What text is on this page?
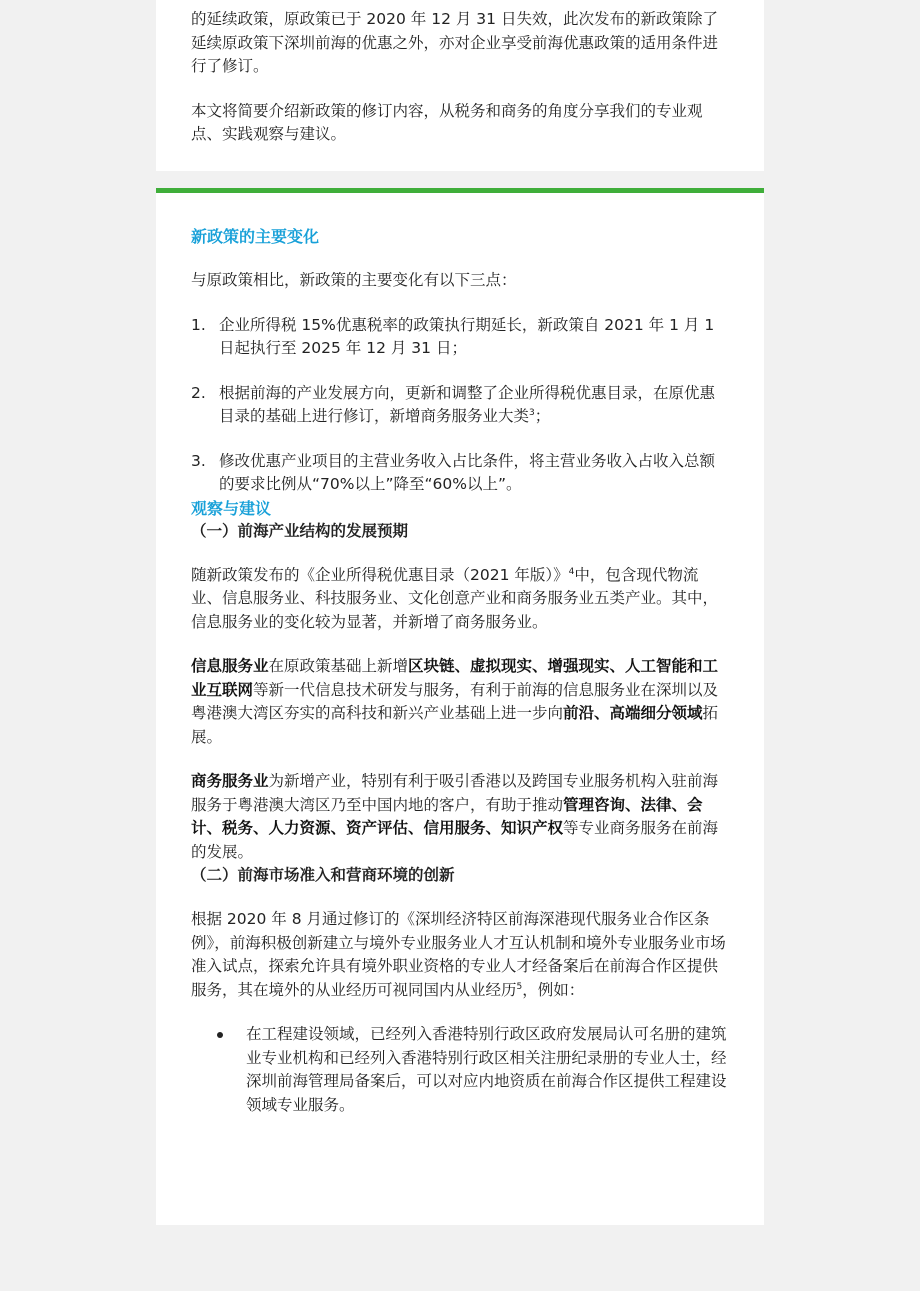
的延续政策，原政策已于 2020 年 12 月 31 日失效，此次发布的新政策除了延续原政策下深圳前海的优惠之外，亦对企业享受前海优惠政策的适用条件进行了修订。

本文将简要介绍新政策的修订内容，从税务和商务的角度分享我们的专业观点、实践观察与建议。

新政策的主要变化

与原政策相比，新政策的主要变化有以下三点：

1. 企业所得税 15%优惠税率的政策执行期延长，新政策自 2021 年 1 月 1 日起执行至 2025 年 12 月 31 日；
2. 根据前海的产业发展方向，更新和调整了企业所得税优惠目录，在原优惠目录的基础上进行修订，新增商务服务业大类$^3$；
3. 修改优惠产业项目的主营业务收入占比条件，将主营业务收入占收入总额的要求比例从“70%以上”降至“60%以上”。
观察与建议
（一）前海产业结构的发展预期

随新政策发布的《企业所得税优惠目录（2021 年版）》$^4$中，包含现代物流业、信息服务业、科技服务业、文化创意产业和商务服务业五类产业。其中，信息服务业的变化较为显著，并新增了商务服务业。

信息服务业在原政策基础上新增区块链、虚拟现实、增强现实、人工智能和工业互联网等新一代信息技术研发与服务，有利于前海的信息服务业在深圳以及粤港澳大湾区夯实的高科技和新兴产业基础上进一步向前沿、高端细分领域拓展。

商务服务业为新增产业，特别有利于吸引香港以及跨国专业服务机构入驻前海服务于粤港澳大湾区乃至中国内地的客户，有助于推动管理咨询、法律、会计、税务、人力资源、资产评估、信用服务、知识产权等专业商务服务在前海的发展。

（二）前海市场准入和营商环境的创新

根据 2020 年 8 月通过修订的《深圳经济特区前海深港现代服务业合作区条例》，前海积极创新建立与境外专业服务业人才互认机制和境外专业服务业市场准入试点，探索允许具有境外职业资格的专业人才经备案后在前海合作区提供服务，其在境外的从业经历可视同国内从业经历$^5$，例如：

在工程建设领域，已经列入香港特别行政区政府发展局认可名册的建筑业专业机构和已经列入香港特别行政区相关注册纪录册的专业人士，经深圳前海管理局备案后，可以对应内地资质在前海合作区提供工程建设领域专业服务。
